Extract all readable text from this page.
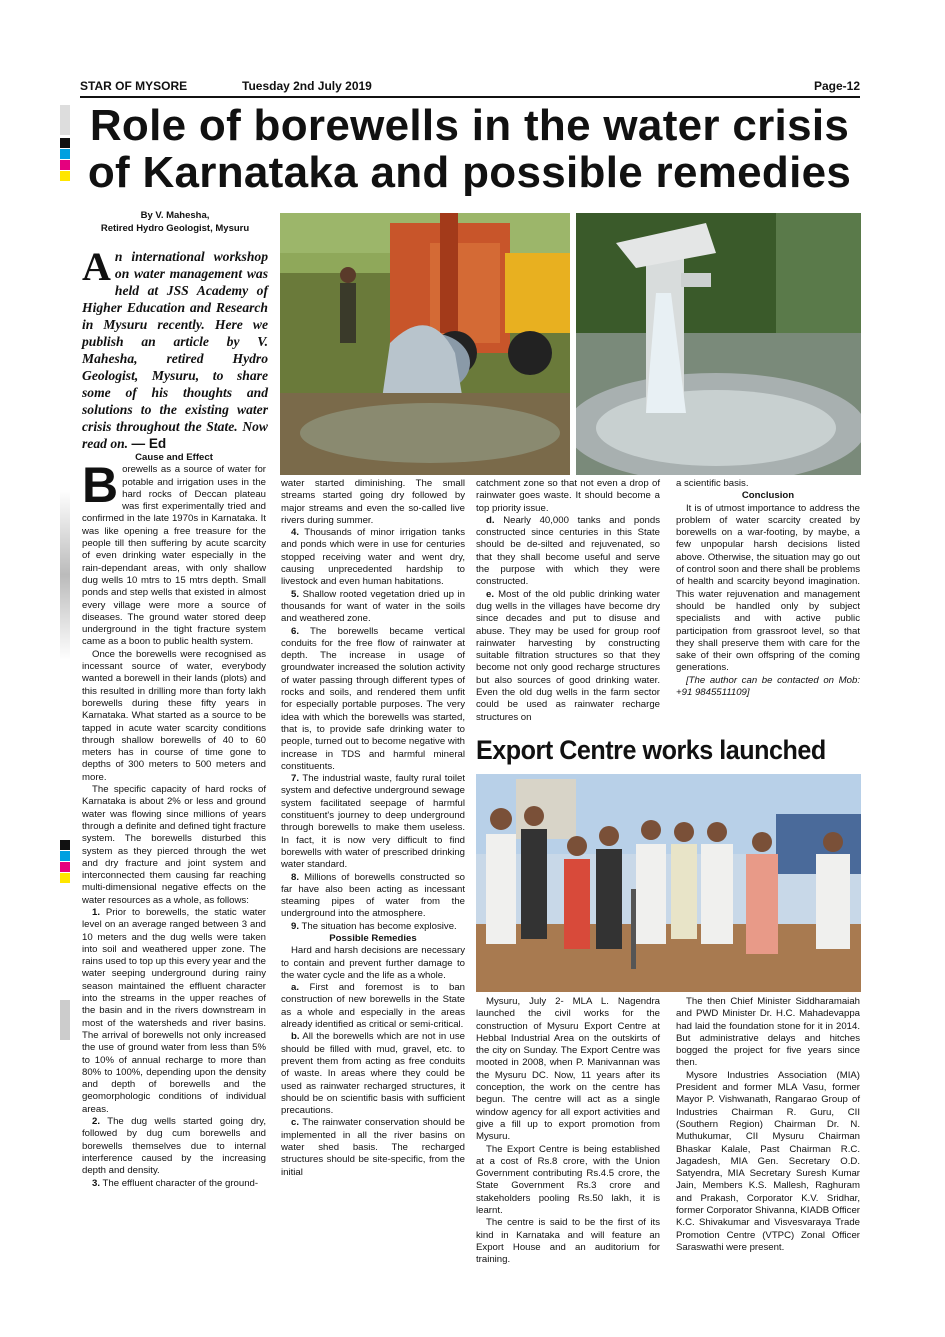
STAR OF MYSORE	Tuesday 2nd July 2019	Page-12
Role of borewells in the water crisis
of Karnataka and possible remedies
By V. Mahesha,
Retired Hydro Geologist, Mysuru
An international workshop on water management was held at JSS Academy of Higher Education and Research in Mysuru recently. Here we publish an article by V. Mahesha, retired Hydro Geologist, Mysuru, to share some of his thoughts and solutions to the existing water crisis throughout the State. Now read on. — Ed
Cause and Effect

Borewells as a source of water for potable and irrigation uses in the hard rocks of Deccan plateau was first experimentally tried and confirmed in the late 1970s in Karnataka. It was like opening a free treasure for the people till then suffering by acute scarcity of even drinking water especially in the rain-dependant areas, with only shallow dug wells 10 mtrs to 15 mtrs depth. Small ponds and step wells that existed in almost every village were more a source of diseases. The ground water stored deep underground in the tight fracture system came as a boon to public health system.

Once the borewells were recognised as incessant source of water, everybody wanted a borewell in their lands (plots) and this resulted in drilling more than forty lakh borewells during these fifty years in Karnataka. What started as a source to be tapped in acute water scarcity conditions through shallow borewells of 40 to 60 meters has in course of time gone to depths of 300 meters to 500 meters and more.

The specific capacity of hard rocks of Karnataka is about 2% or less and ground water was flowing since millions of years through a definite and defined tight fracture system. The borewells disturbed this system as they pierced through the wet and dry fracture and joint system and interconnected them causing far reaching multi-dimensional negative effects on the water resources as a whole, as follows:

1. Prior to borewells, the static water level on an average ranged between 3 and 10 meters and the dug wells were taken into soil and weathered upper zone. The rains used to top up this every year and the water seeping underground during rainy season maintained the effluent character into the streams in the upper reaches of the basin and in the rivers downstream in most of the watersheds and river basins. The arrival of borewells not only increased the use of ground water from less than 5% to 10% of annual recharge to more than 80% to 100%, depending upon the density and depth of borewells and the geomorphologic conditions of individual areas.

2. The dug wells started going dry, followed by dug cum borewells and borewells themselves due to internal interference caused by the increasing depth and density.

3. The effluent character of the ground-

water started diminishing. The small streams started going dry followed by major streams and even the so-called live rivers during summer.

4. Thousands of minor irrigation tanks and ponds which were in use for centuries stopped receiving water and went dry, causing unprecedented hardship to livestock and even human habitations.

5. Shallow rooted vegetation dried up in thousands for want of water in the soils and weathered zone.

6. The borewells became vertical conduits for the free flow of rainwater at depth. The increase in usage of groundwater increased the solution activity of water passing through different types of rocks and soils, and rendered them unfit for especially portable purposes. The very idea with which the borewells was started, that is, to provide safe drinking water to people, turned out to become negative with increase in TDS and harmful mineral constituents.

7. The industrial waste, faulty rural toilet system and defective underground sewage system facilitated seepage of harmful constituent's journey to deep underground through borewells to make them useless. In fact, it is now very difficult to find borewells with water of prescribed drinking water standard.

8. Millions of borewells constructed so far have also been acting as incessant steaming pipes of water from the underground into the atmosphere.

9. The situation has become explosive.

Possible Remedies

Hard and harsh decisions are necessary to contain and prevent further damage to the water cycle and the life as a whole.

a. First and foremost is to ban construction of new borewells in the State as a whole and especially in the areas already identified as critical or semi-critical.

b. All the borewells which are not in use should be filled with mud, gravel, etc. to prevent them from acting as free conduits of waste. In areas where they could be used as rainwater recharged structures, it should be on scientific basis with sufficient precautions.

c. The rainwater conservation should be implemented in all the river basins on water shed basis. The recharged structures should be site-specific, from the initial

catchment zone so that not even a drop of rainwater goes waste. It should become a top priority issue.

d. Nearly 40,000 tanks and ponds constructed since centuries in this State should be de-silted and rejuvenated, so that they shall become useful and serve the purpose with which they were constructed.

e. Most of the old public drinking water dug wells in the villages have become dry since decades and put to disuse and abuse. They may be used for group roof rainwater harvesting by constructing suitable filtration structures so that they become not only good recharge structures but also sources of good drinking water. Even the old dug wells in the farm sector could be used as rainwater recharge structures on

a scientific basis.

Conclusion

It is of utmost importance to address the problem of water scarcity created by borewells on a war-footing, by maybe, a few unpopular harsh decisions listed above. Otherwise, the situation may go out of control soon and there shall be problems of health and scarcity beyond imagination. This water rejuvenation and management should be handled only by subject specialists and with active public participation from grassroot level, so that they shall preserve them with care for the sake of their own offspring of the coming generations.

[The author can be contacted on Mob: +91 9845511109]

Export Centre works launched

Mysuru, July 2- MLA L. Nagendra launched the civil works for the construction of Mysuru Export Centre at Hebbal Industrial Area on the outskirts of the city on Sunday. The Export Centre was mooted in 2008, when P. Manivannan was the Mysuru DC. Now, 11 years after its conception, the work on the centre has begun. The centre will act as a single window agency for all export activities and give a fill up to export promotion from Mysuru.

The Export Centre is being established at a cost of Rs.8 crore, with the Union Government contributing Rs.4.5 crore, the State Government Rs.3 crore and stakeholders pooling Rs.50 lakh, it is learnt.

The centre is said to be the first of its kind in Karnataka and will feature an Export House and an auditorium for training.

The then Chief Minister Siddharamaiah and PWD Minister Dr. H.C. Mahadevappa had laid the foundation stone for it in 2014. But administrative delays and hitches bogged the project for five years since then.

Mysore Industries Association (MIA) President and former MLA Vasu, former Mayor P. Vishwanath, Rangarao Group of Industries Chairman R. Guru, CII (Southern Region) Chairman Dr. N. Muthukumar, CII Mysuru Chairman Bhaskar Kalale, Past Chairman R.C. Jagadesh, MIA Gen. Secretary O.D. Satyendra, MIA Secretary Suresh Kumar Jain, Members K.S. Mallesh, Raghuram and Prakash, Corporator K.V. Sridhar, former Corporator Shivanna, KIADB Officer K.C. Shivakumar and Visvesvaraya Trade Promotion Centre (VTPC) Zonal Officer Saraswathi were present.
